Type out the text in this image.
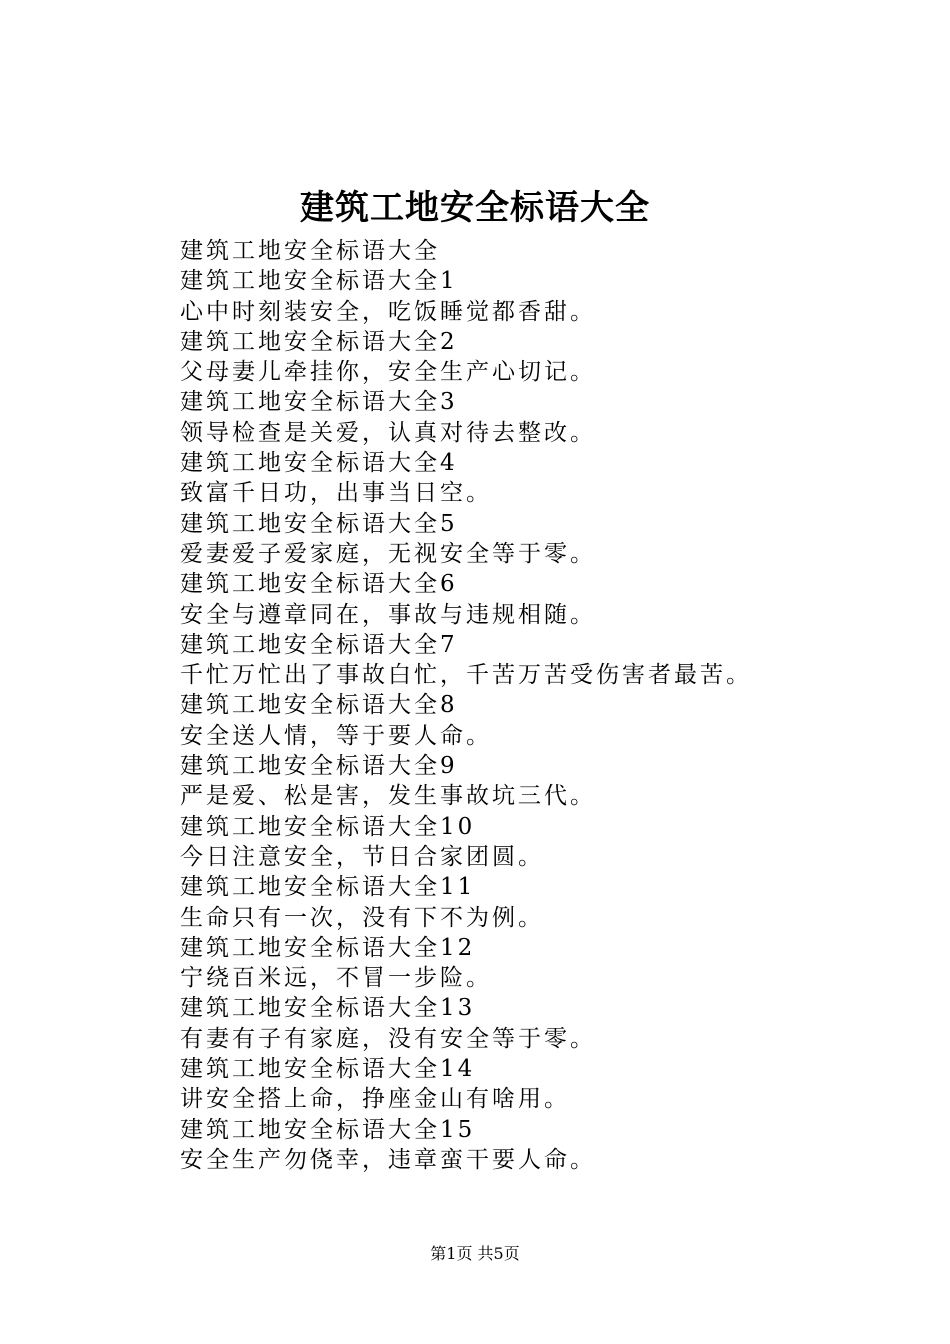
建筑工地安全标语大全
建筑工地安全标语大全
建筑工地安全标语大全1
心中时刻装安全，吃饭睡觉都香甜。
建筑工地安全标语大全2
父母妻儿牵挂你，安全生产心切记。
建筑工地安全标语大全3
领导检查是关爱，认真对待去整改。
建筑工地安全标语大全4
致富千日功，出事当日空。
建筑工地安全标语大全5
爱妻爱子爱家庭，无视安全等于零。
建筑工地安全标语大全6
安全与遵章同在，事故与违规相随。
建筑工地安全标语大全7
千忙万忙出了事故白忙，千苦万苦受伤害者最苦。
建筑工地安全标语大全8
安全送人情，等于要人命。
建筑工地安全标语大全9
严是爱、松是害，发生事故坑三代。
建筑工地安全标语大全10
今日注意安全，节日合家团圆。
建筑工地安全标语大全11
生命只有一次，没有下不为例。
建筑工地安全标语大全12
宁绕百米远，不冒一步险。
建筑工地安全标语大全13
有妻有子有家庭，没有安全等于零。
建筑工地安全标语大全14
讲安全搭上命，挣座金山有啥用。
建筑工地安全标语大全15
安全生产勿侥幸，违章蛮干要人命。
第1页 共5页
